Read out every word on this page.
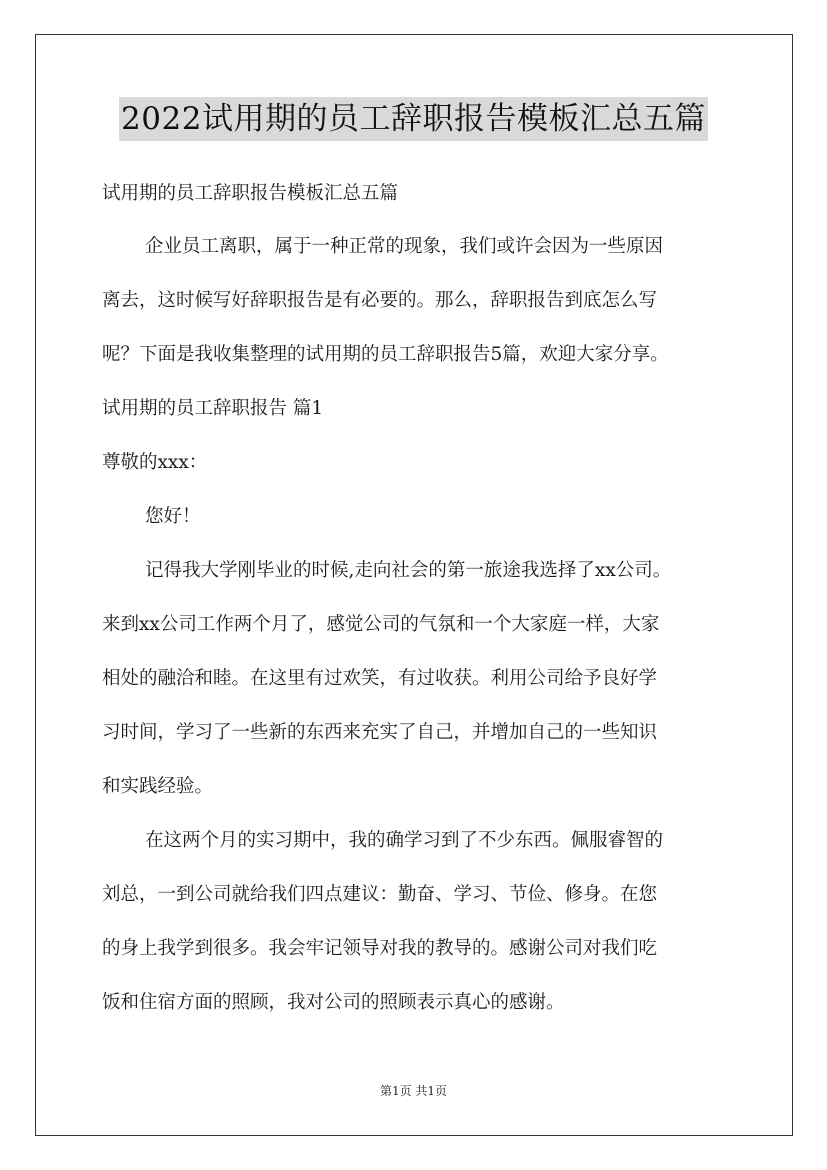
2022试用期的员工辞职报告模板汇总五篇
试用期的员工辞职报告模板汇总五篇
企业员工离职，属于一种正常的现象，我们或许会因为一些原因
离去，这时候写好辞职报告是有必要的。那么，辞职报告到底怎么写
呢？下面是我收集整理的试用期的员工辞职报告5篇，欢迎大家分享。
试用期的员工辞职报告 篇1
尊敬的xxx：
您好！
记得我大学刚毕业的时候,走向社会的第一旅途我选择了xx公司。
来到xx公司工作两个月了，感觉公司的气氛和一个大家庭一样，大家
相处的融洽和睦。在这里有过欢笑，有过收获。利用公司给予良好学
习时间，学习了一些新的东西来充实了自己，并增加自己的一些知识
和实践经验。
在这两个月的实习期中，我的确学习到了不少东西。佩服睿智的
刘总，一到公司就给我们四点建议：勤奋、学习、节俭、修身。在您
的身上我学到很多。我会牢记领导对我的教导的。感谢公司对我们吃
饭和住宿方面的照顾，我对公司的照顾表示真心的感谢。
第1页 共1页
